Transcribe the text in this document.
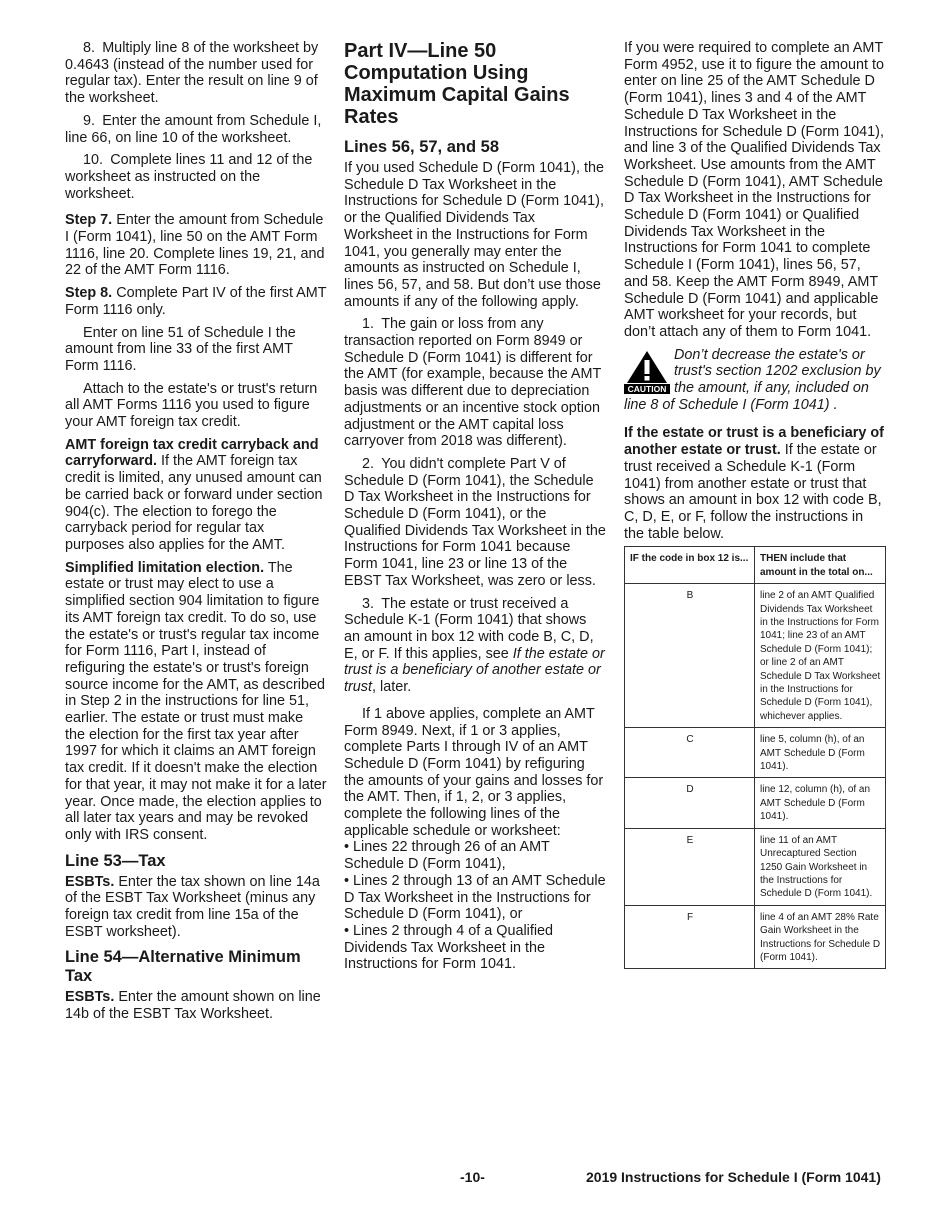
8. Multiply line 8 of the worksheet by 0.4643 (instead of the number used for regular tax). Enter the result on line 9 of the worksheet.

9. Enter the amount from Schedule I, line 66, on line 10 of the worksheet.

10. Complete lines 11 and 12 of the worksheet as instructed on the worksheet.

Step 7. Enter the amount from Schedule I (Form 1041), line 50 on the AMT Form 1116, line 20. Complete lines 19, 21, and 22 of the AMT Form 1116.

Step 8. Complete Part IV of the first AMT Form 1116 only.

Enter on line 51 of Schedule I the amount from line 33 of the first AMT Form 1116.

Attach to the estate's or trust's return all AMT Forms 1116 you used to figure your AMT foreign tax credit.

AMT foreign tax credit carryback and carryforward. If the AMT foreign tax credit is limited, any unused amount can be carried back or forward under section 904(c). The election to forego the carryback period for regular tax purposes also applies for the AMT.

Simplified limitation election. The estate or trust may elect to use a simplified section 904 limitation to figure its AMT foreign tax credit. To do so, use the estate's or trust's regular tax income for Form 1116, Part I, instead of refiguring the estate's or trust's foreign source income for the AMT, as described in Step 2 in the instructions for line 51, earlier. The estate or trust must make the election for the first tax year after 1997 for which it claims an AMT foreign tax credit. If it doesn't make the election for that year, it may not make it for a later year. Once made, the election applies to all later tax years and may be revoked only with IRS consent.

Line 53—Tax

ESBTs. Enter the tax shown on line 14a of the ESBT Tax Worksheet (minus any foreign tax credit from line 15a of the ESBT worksheet).

Line 54—Alternative Minimum Tax

ESBTs. Enter the amount shown on line 14b of the ESBT Tax Worksheet.

Part IV—Line 50 Computation Using Maximum Capital Gains Rates
Lines 56, 57, and 58

If you used Schedule D (Form 1041), the Schedule D Tax Worksheet in the Instructions for Schedule D (Form 1041), or the Qualified Dividends Tax Worksheet in the Instructions for Form 1041, you generally may enter the amounts as instructed on Schedule I, lines 56, 57, and 58. But don’t use those amounts if any of the following apply.

1. The gain or loss from any transaction reported on Form 8949 or Schedule D (Form 1041) is different for the AMT (for example, because the AMT basis was different due to depreciation adjustments or an incentive stock option adjustment or the AMT capital loss carryover from 2018 was different).

2. You didn't complete Part V of Schedule D (Form 1041), the Schedule D Tax Worksheet in the Instructions for Schedule D (Form 1041), or the Qualified Dividends Tax Worksheet in the Instructions for Form 1041 because Form 1041, line 23 or line 13 of the EBST Tax Worksheet, was zero or less.

3. The estate or trust received a Schedule K-1 (Form 1041) that shows an amount in box 12 with code B, C, D, E, or F. If this applies, see If the estate or trust is a beneficiary of another estate or trust, later.

If 1 above applies, complete an AMT Form 8949. Next, if 1 or 3 applies, complete Parts I through IV of an AMT Schedule D (Form 1041) by refiguring the amounts of your gains and losses for the AMT. Then, if 1, 2, or 3 applies, complete the following lines of the applicable schedule or worksheet:

• Lines 22 through 26 of an AMT Schedule D (Form 1041),

• Lines 2 through 13 of an AMT Schedule D Tax Worksheet in the Instructions for Schedule D (Form 1041), or

• Lines 2 through 4 of a Qualified Dividends Tax Worksheet in the Instructions for Form 1041.

If you were required to complete an AMT Form 4952, use it to figure the amount to enter on line 25 of the AMT Schedule D (Form 1041), lines 3 and 4 of the AMT Schedule D Tax Worksheet in the Instructions for Schedule D (Form 1041), and line 3 of the Qualified Dividends Tax Worksheet. Use amounts from the AMT Schedule D (Form 1041), AMT Schedule D Tax Worksheet in the Instructions for Schedule D (Form 1041) or Qualified Dividends Tax Worksheet in the Instructions for Form 1041 to complete Schedule I (Form 1041), lines 56, 57, and 58. Keep the AMT Form 8949, AMT Schedule D (Form 1041) and applicable AMT worksheet for your records, but don’t attach any of them to Form 1041.

CAUTION
Don’t decrease the estate's or trust's section 1202 exclusion by the amount, if any, included on line 8 of Schedule I (Form 1041) .

If the estate or trust is a beneficiary of another estate or trust. If the estate or trust received a Schedule K-1 (Form 1041) from another estate or trust that shows an amount in box 12 with code B, C, D, E, or F, follow the instructions in the table below.

IF the code in box 12 is...	THEN include that amount in the total on...
B	line 2 of an AMT Qualified Dividends Tax Worksheet in the Instructions for Form 1041; line 23 of an AMT Schedule D (Form 1041); or line 2 of an AMT Schedule D Tax Worksheet in the Instructions for Schedule D (Form 1041), whichever applies.
C	line 5, column (h), of an AMT Schedule D (Form 1041).
D	line 12, column (h), of an AMT Schedule D (Form 1041).
E	line 11 of an AMT Unrecaptured Section 1250 Gain Worksheet in the Instructions for Schedule D (Form 1041).
F	line 4 of an AMT 28% Rate Gain Worksheet in the Instructions for Schedule D (Form 1041).
-10-	2019 Instructions for Schedule I (Form 1041)
